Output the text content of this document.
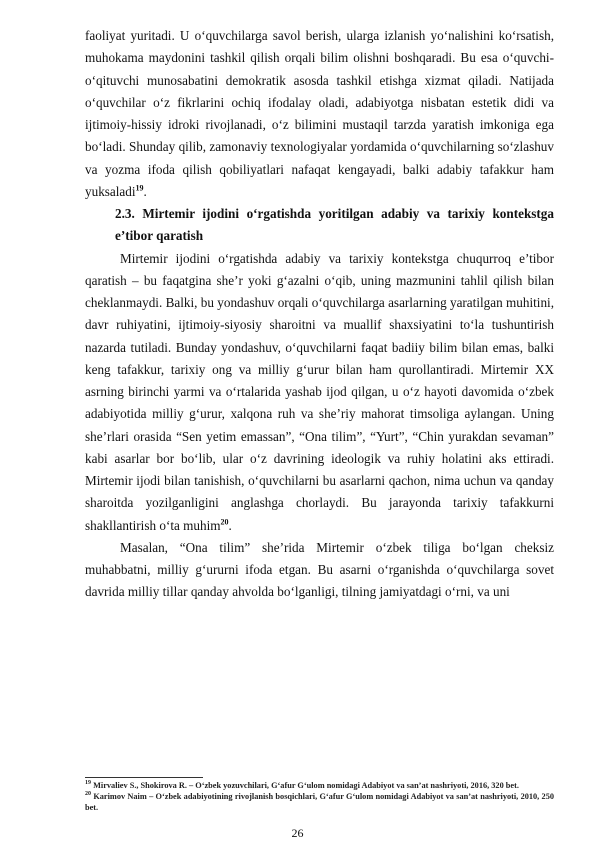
faoliyat yuritadi. U o‘quvchilarga savol berish, ularga izlanish yo‘nalishini ko‘rsatish, muhokama maydonini tashkil qilish orqali bilim olishni boshqaradi. Bu esa o‘quvchi-o‘qituvchi munosabatini demokratik asosda tashkil etishga xizmat qiladi. Natijada o‘quvchilar o‘z fikrlarini ochiq ifodalay oladi, adabiyotga nisbatan estetik didi va ijtimoiy-hissiy idroki rivojlanadi, o‘z bilimini mustaqil tarzda yaratish imkoniga ega bo‘ladi. Shunday qilib, zamonaviy texnologiyalar yordamida o‘quvchilarning so‘zlashuv va yozma ifoda qilish qobiliyatlari nafaqat kengayadi, balki adabiy tafakkur ham yuksaladi$^{19}$.

2.3. Mirtemir ijodini o‘rgatishda yoritilgan adabiy va tarixiy kontekstga e’tibor qaratish

Mirtemir ijodini o‘rgatishda adabiy va tarixiy kontekstga chuqurroq e’tibor qaratish – bu faqatgina she’r yoki g‘azalni o‘qib, uning mazmunini tahlil qilish bilan cheklanmaydi. Balki, bu yondashuv orqali o‘quvchilarga asarlarning yaratilgan muhitini, davr ruhiyatini, ijtimoiy-siyosiy sharoitni va muallif shaxsiyatini to‘la tushuntirish nazarda tutiladi. Bunday yondashuv, o‘quvchilarni faqat badiiy bilim bilan emas, balki keng tafakkur, tarixiy ong va milliy g‘urur bilan ham qurollantiradi. Mirtemir XX asrning birinchi yarmi va o‘rtalarida yashab ijod qilgan, u o‘z hayoti davomida o‘zbek adabiyotida milliy g‘urur, xalqona ruh va she’riy mahorat timsoliga aylangan. Uning she’rlari orasida “Sen yetim emassan”, “Ona tilim”, “Yurt”, “Chin yurakdan sevaman” kabi asarlar bor bo‘lib, ular o‘z davrining ideologik va ruhiy holatini aks ettiradi. Mirtemir ijodi bilan tanishish, o‘quvchilarni bu asarlarni qachon, nima uchun va qanday sharoitda yozilganligini anglashga chorlaydi. Bu jarayonda tarixiy tafakkurni shakllantirish o‘ta muhim$^{20}$.

Masalan, “Ona tilim” she’rida Mirtemir o‘zbek tiliga bo‘lgan cheksiz muhabbatni, milliy g‘ururni ifoda etgan. Bu asarni o‘rganishda o‘quvchilarga sovet davrida milliy tillar qanday ahvolda bo‘lganligi, tilning jamiyatdagi o‘rni, va uni

$^{19}$ Mirvaliev S., Shokirova R. – O‘zbek yozuvchilari, G‘afur G‘ulom nomidagi Adabiyot va san’at nashriyoti, 2016, 320 bet.

$^{20}$ Karimov Naim – O‘zbek adabiyotining rivojlanish bosqichlari, G‘afur G‘ulom nomidagi Adabiyot va san’at nashriyoti, 2010, 250 bet.

26
